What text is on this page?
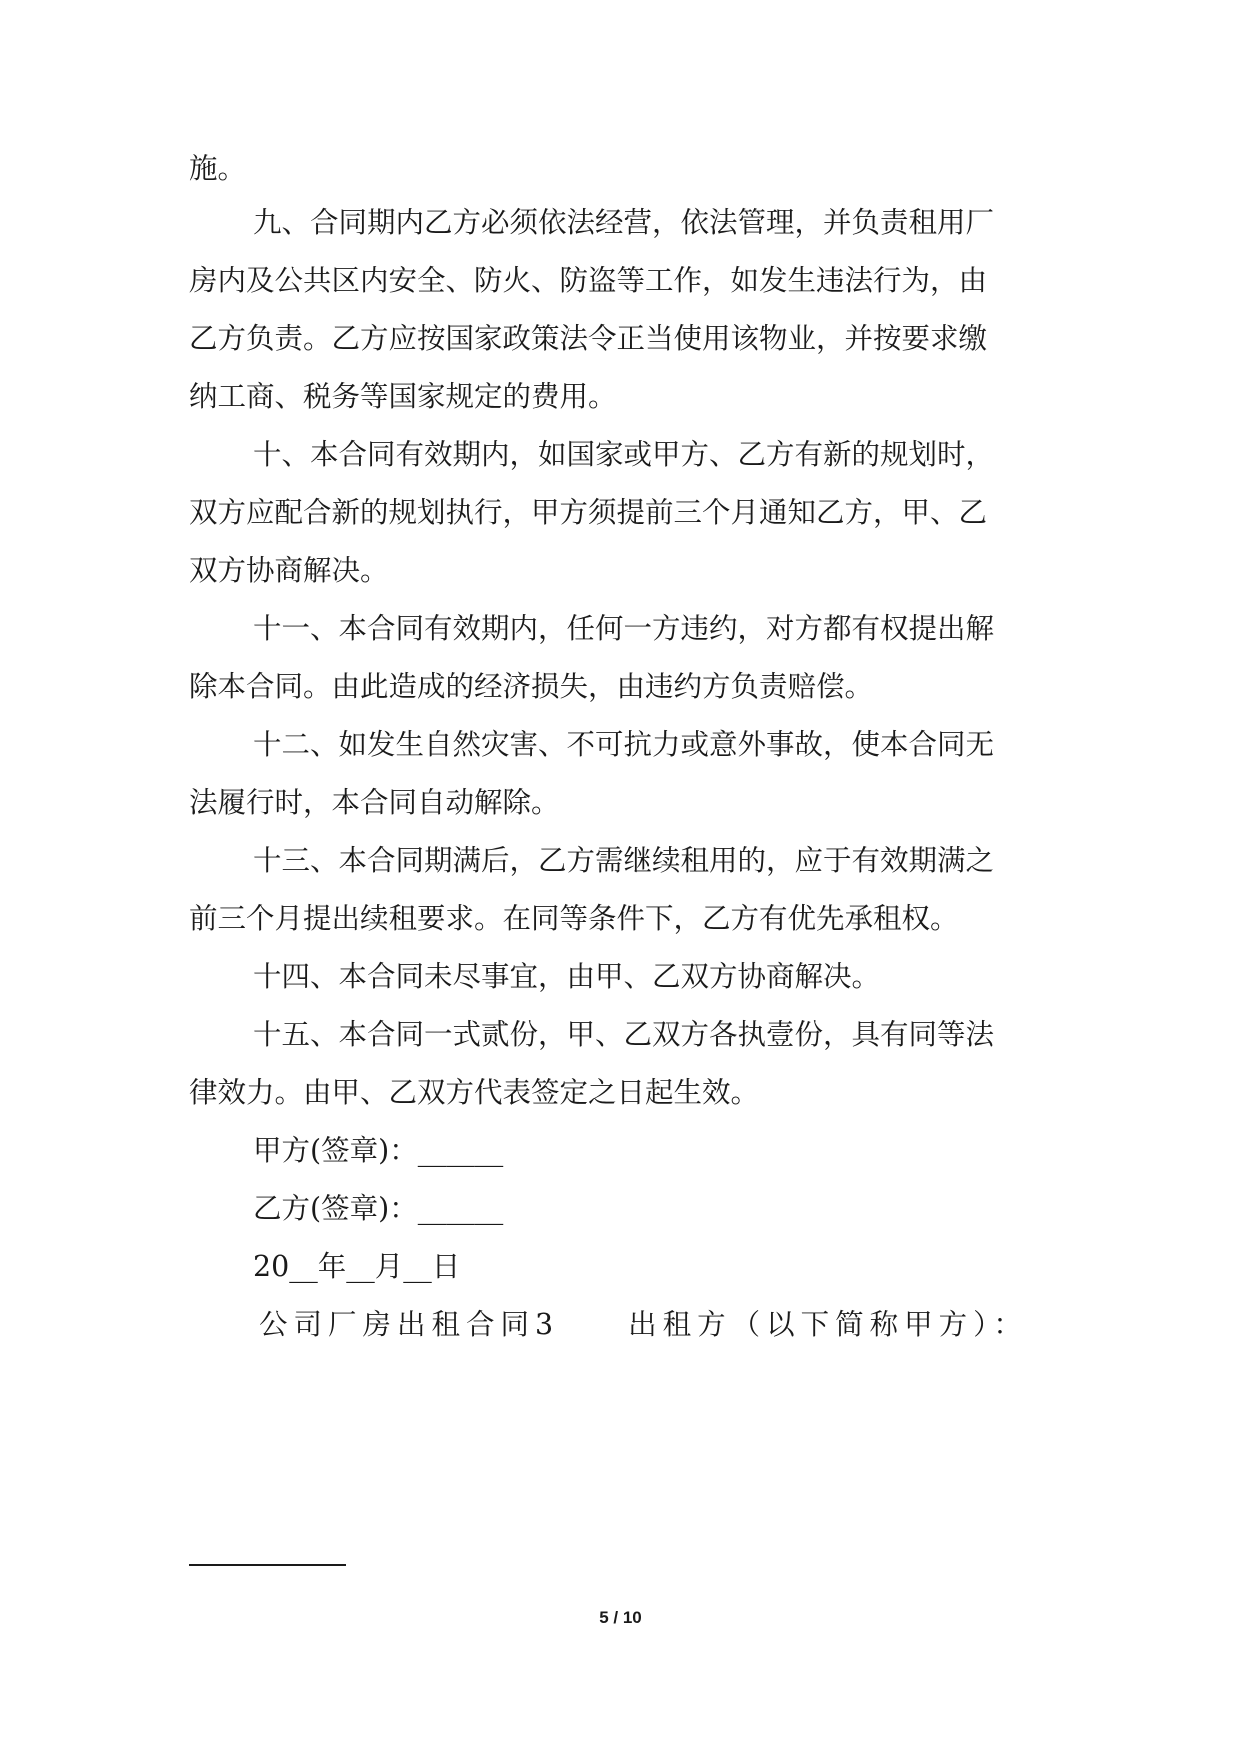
施。
九、合同期内乙方必须依法经营，依法管理，并负责租用厂
房内及公共区内安全、防火、防盗等工作，如发生违法行为，由
乙方负责。乙方应按国家政策法令正当使用该物业，并按要求缴
纳工商、税务等国家规定的费用。
十、本合同有效期内，如国家或甲方、乙方有新的规划时，
双方应配合新的规划执行，甲方须提前三个月通知乙方，甲、乙
双方协商解决。
十一、本合同有效期内，任何一方违约，对方都有权提出解
除本合同。由此造成的经济损失，由违约方负责赔偿。
十二、如发生自然灾害、不可抗力或意外事故，使本合同无
法履行时，本合同自动解除。
十三、本合同期满后，乙方需继续租用的，应于有效期满之
前三个月提出续租要求。在同等条件下，乙方有优先承租权。
十四、本合同未尽事宜，由甲、乙双方协商解决。
十五、本合同一式贰份，甲、乙双方各执壹份，具有同等法
律效力。由甲、乙双方代表签定之日起生效。
甲方(签章)：______
乙方(签章)：______
20__年__月__日
公司厂房出租合同3　　出租方（以下简称甲方）：
5 / 10
